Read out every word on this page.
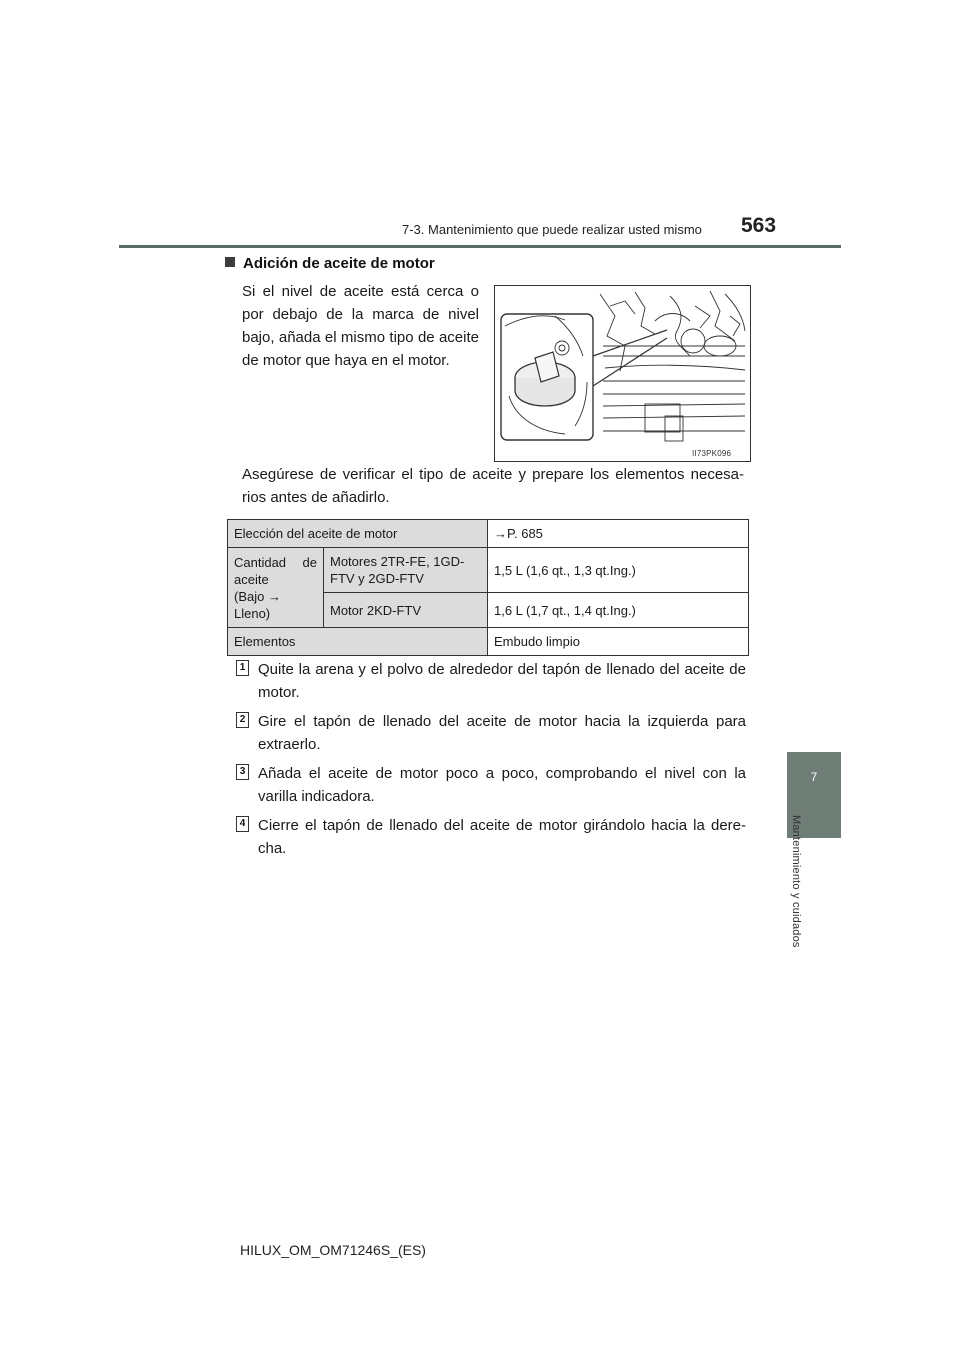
7-3. Mantenimiento que puede realizar usted mismo 563
7
Mantenimiento y cuidados
Adición de aceite de motor
Si el nivel de aceite está cerca o por debajo de la marca de nivel bajo, añada el mismo tipo de aceite de motor que haya en el motor.
II73PK096
Asegúrese de verificar el tipo de aceite y prepare los elementos necesa-rios antes de añadirlo.
Elección del aceite de motor		→P. 685

Cantidad de aceite
(Bajo →
Lleno)	Motores 2TR-FE, 1GD-FTV y 2GD-FTV	1,5 L (1,6 qt., 1,3 qt.Ing.)
	Motor 2KD-FTV	1,6 L (1,7 qt., 1,4 qt.Ing.)
Elementos		Embudo limpio
1 Quite la arena y el polvo de alrededor del tapón de llenado del aceite de motor.
2 Gire el tapón de llenado del aceite de motor hacia la izquierda para extraerlo.
3 Añada el aceite de motor poco a poco, comprobando el nivel con la varilla indicadora.
4 Cierre el tapón de llenado del aceite de motor girándolo hacia la dere-cha.
HILUX_OM_OM71246S_(ES)
